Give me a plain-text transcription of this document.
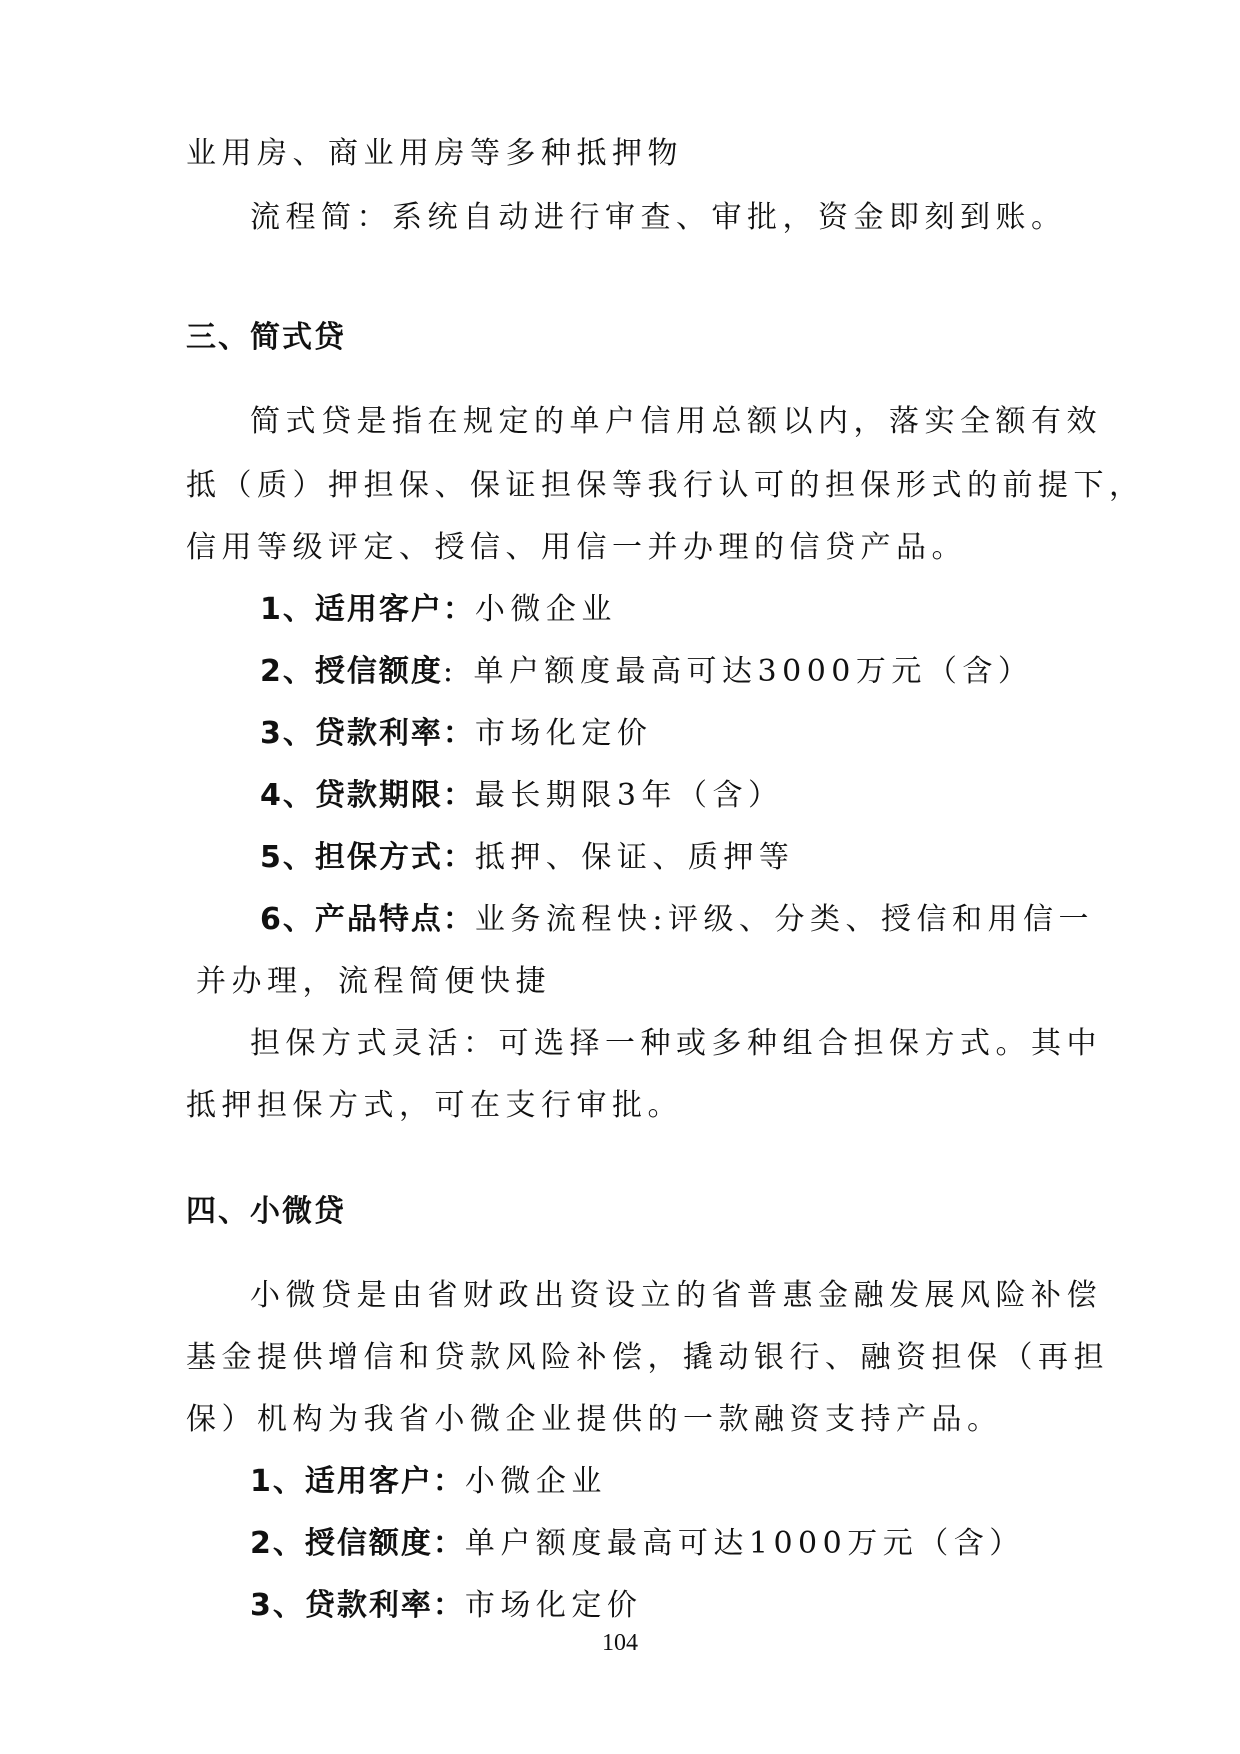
业用房、商业用房等多种抵押物

流程简：系统自动进行审查、审批，资金即刻到账。

三、简式贷

简式贷是指在规定的单户信用总额以内，落实全额有效

抵（质）押担保、保证担保等我行认可的担保形式的前提下，

信用等级评定、授信、用信一并办理的信贷产品。

1、适用客户：小微企业

2、授信额度: 单户额度最高可达3000万元（含）

3、贷款利率：市场化定价

4、贷款期限：最长期限3年（含）

5、担保方式：抵押、保证、质押等

6、产品特点：业务流程快:评级、分类、授信和用信一

并办理，流程简便快捷

担保方式灵活：可选择一种或多种组合担保方式。其中

抵押担保方式，可在支行审批。

四、小微贷

小微贷是由省财政出资设立的省普惠金融发展风险补偿

基金提供增信和贷款风险补偿，撬动银行、融资担保（再担

保）机构为我省小微企业提供的一款融资支持产品。

1、适用客户：小微企业

2、授信额度：单户额度最高可达1000万元（含）

3、贷款利率：市场化定价

104
